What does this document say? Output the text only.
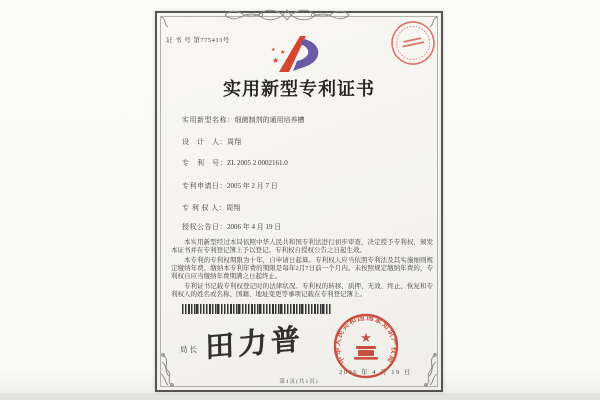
证 书 号 第775413号
★
★
★
★
实用新型专利证书
实用新型名称：细菌制剂的通用培养槽
设　计　人：周翔
专　利　号：ZL 2005 2 0002161.0
专利申请日：2005 年 2 月 7 日
专 利 权 人：周翔
授权公告日：2006 年 4 月 19 日

本实用新型经过本局依照中华人民共和国专利法进行初步审查，决定授予专利权，颁发本证书并在专利登记簿上予以登记。专利权自授权公告之日起生效。

本专利的专利权期限为十年，自申请日起算。专利权人应当依照专利法及其实施细则规定缴纳年费。缴纳本专利年费的期限是每年2月7日前一个月内。未按照规定缴纳年费的，专利权自应当缴纳年费期满之日起终止。

专利证书记载专利权登记时的法律状况。专利权的转移、质押、无效、终止、恢复和专利权人的姓名或名称、国籍、地址变更等事项记载在专利登记簿上。

局长 田力普
2006 年 4 月 19 日
中华人民共和国国家知识产权局
★
第1页(共1页)
